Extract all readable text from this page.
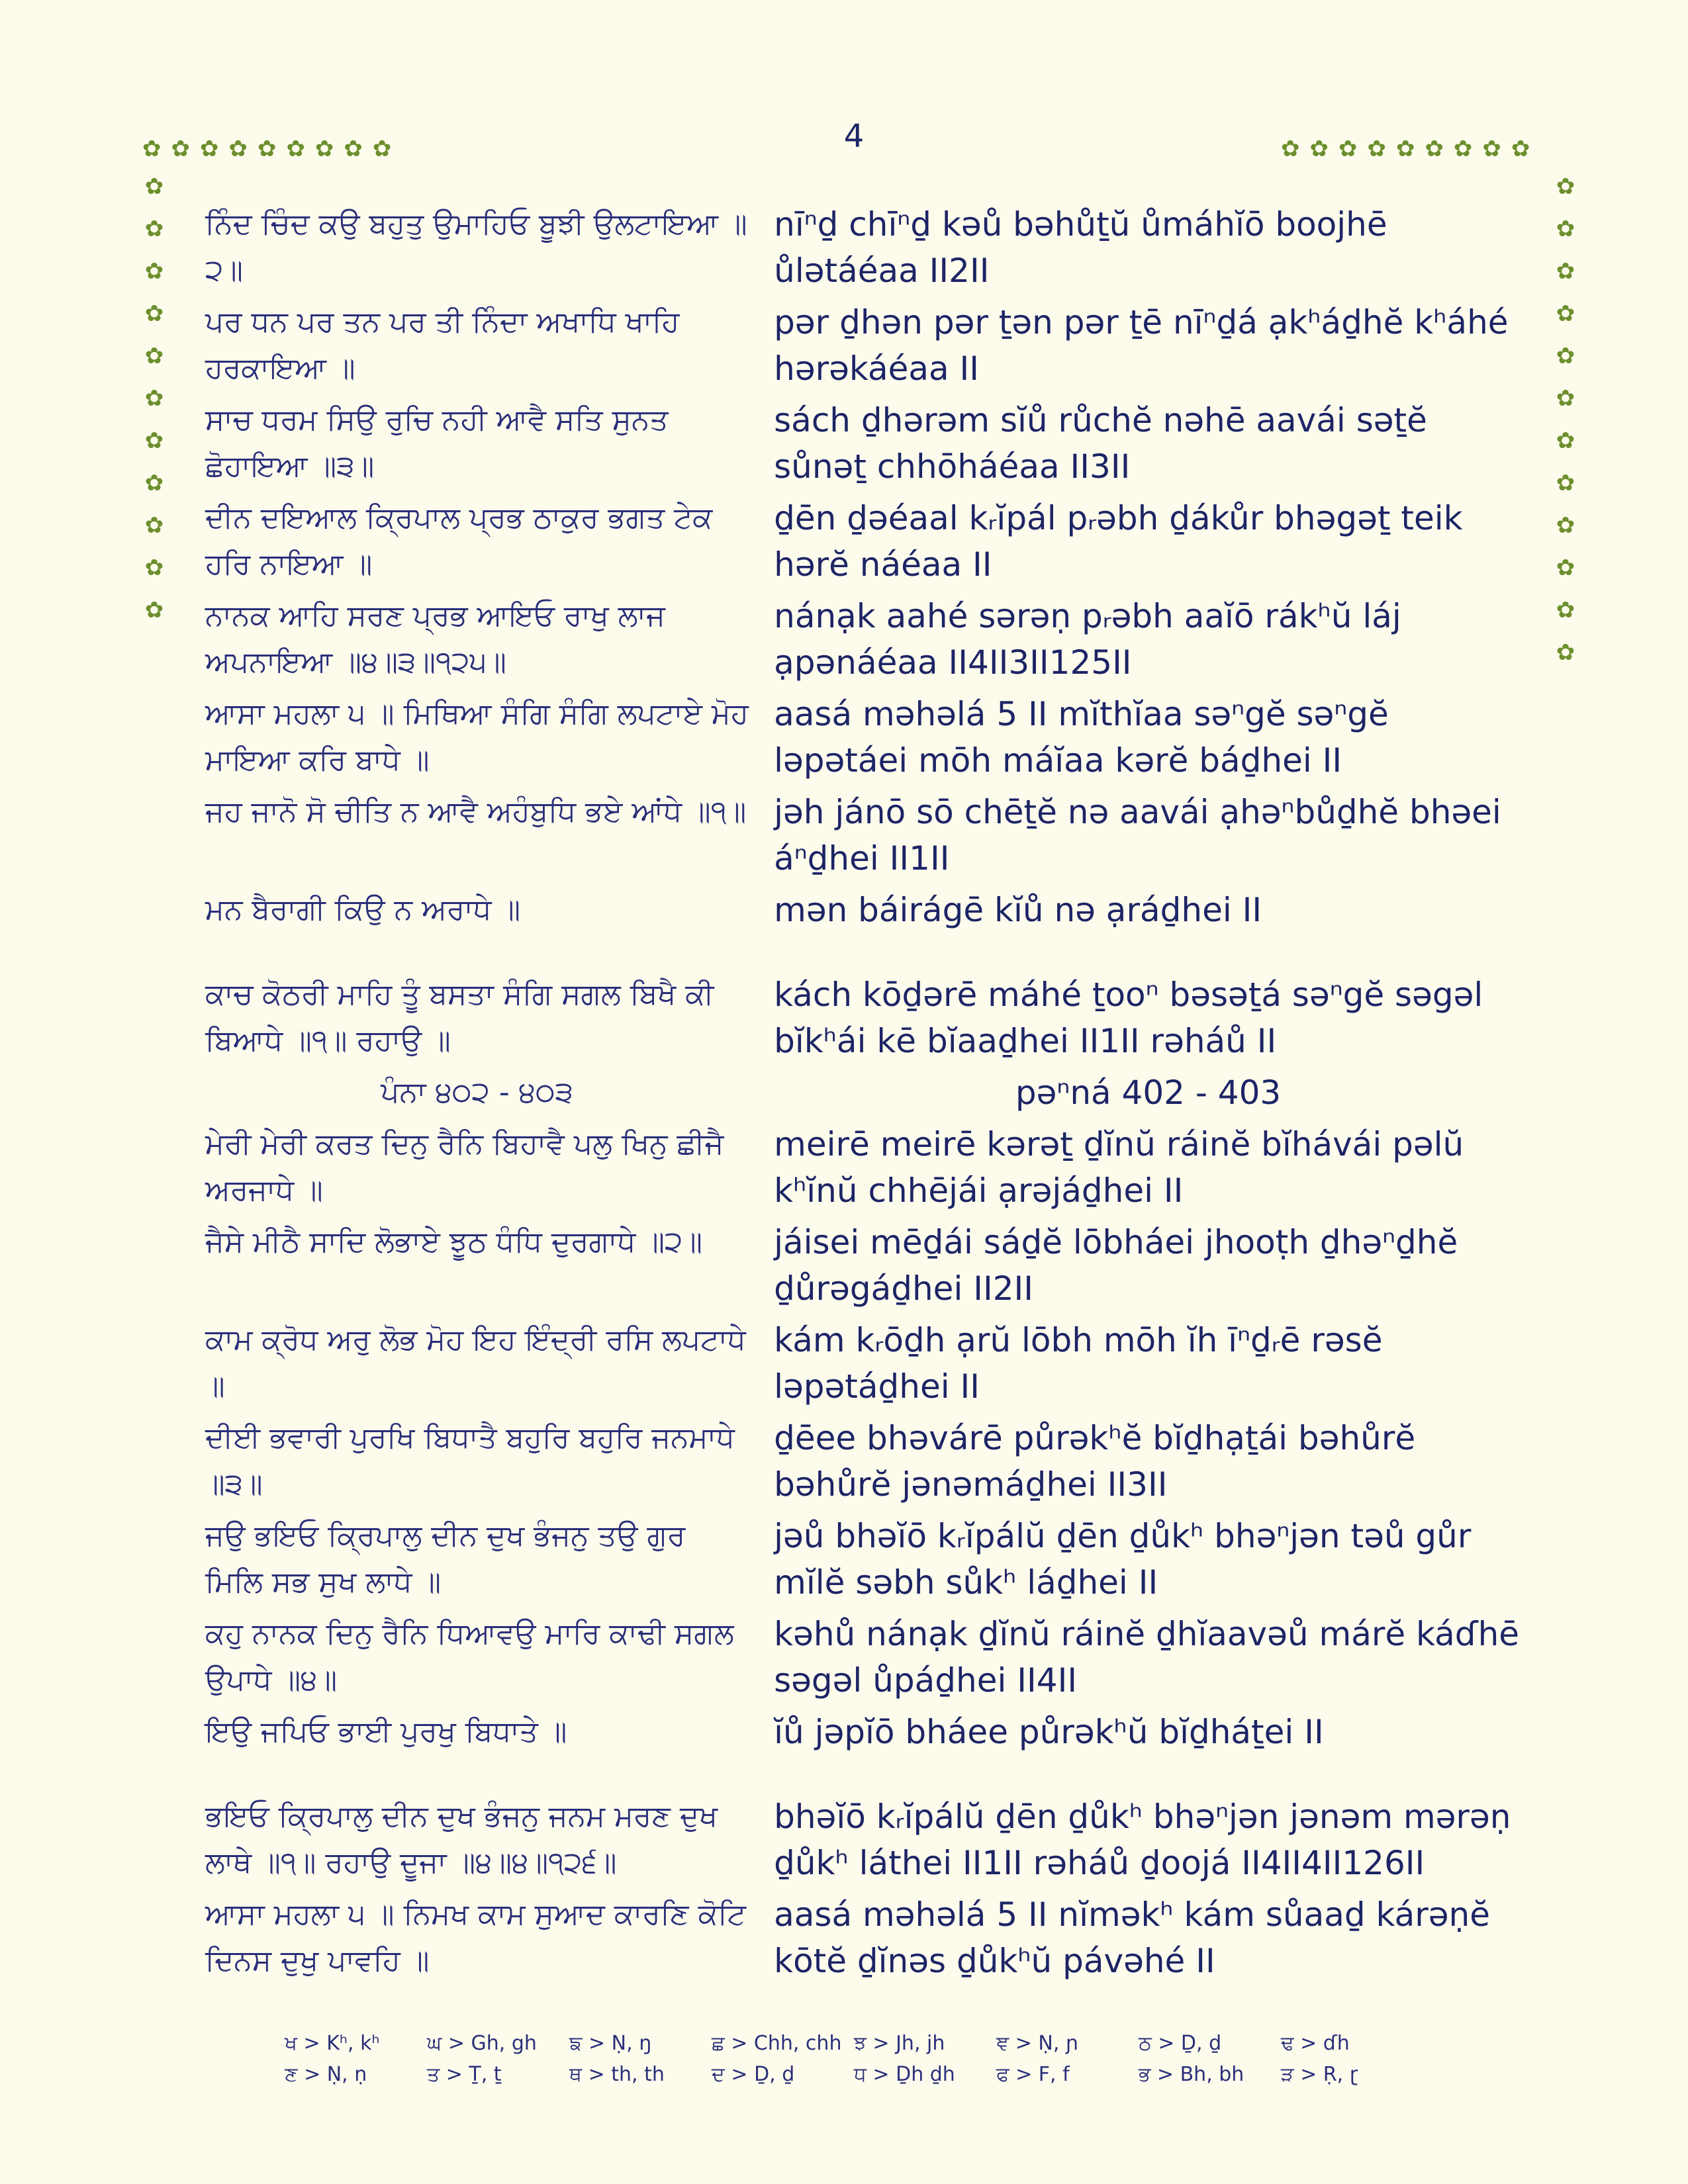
4
✿✿✿✿✿✿✿✿✿	✿✿✿✿✿✿✿✿✿
✿
✿
✿
✿
✿
✿
✿
✿
✿
✿
✿
✿
✿
✿
✿
✿
✿
✿
✿
✿
✿
✿
✿
ਨਿੰਦ ਚਿੰਦ ਕਉ ਬਹੁਤੁ ਉਮਾਹਿਓ ਬੂਝੀ ਉਲਟਾਇਆ ॥੨॥
nīⁿḏ chīⁿḏ kəů bəhůṯŭ ůmáhĭō boojhē ůlətáéaa II2II
ਪਰ ਧਨ ਪਰ ਤਨ ਪਰ ਤੀ ਨਿੰਦਾ ਅਖਾਧਿ ਖਾਹਿ ਹਰਕਾਇਆ ॥
pər ḏhən pər ṯən pər ṯē nīⁿḏá ạkʰáḏhĕ kʰáhé hərəkáéaa II
ਸਾਚ ਧਰਮ ਸਿਉ ਰੁਚਿ ਨਹੀ ਆਵੈ ਸਤਿ ਸੁਨਤ ਛੋਹਾਇਆ ॥੩॥
sách ḏhərəm sĭů růchĕ nəhē aavái səṯĕ sůnəṯ chhōháéaa II3II
ਦੀਨ ਦਇਆਲ ਕ੍ਰਿਪਾਲ ਪ੍ਰਭ ਠਾਕੁਰ ਭਗਤ ਟੇਕ ਹਰਿ ਨਾਇਆ ॥
ḏēn ḏəéaal kᵣĭpál pᵣəbh ḏákůr bhəgəṯ teik hərĕ náéaa II
ਨਾਨਕ ਆਹਿ ਸਰਣ ਪ੍ਰਭ ਆਇਓ ਰਾਖੁ ਲਾਜ ਅਪਨਾਇਆ ॥੪॥੩॥੧੨੫॥
nánạk aahé sərəṇ pᵣəbh aaĭō rákʰŭ láj ạpənáéaa II4II3II125II
ਆਸਾ ਮਹਲਾ ੫ ॥ ਮਿਥਿਆ ਸੰਗਿ ਸੰਗਿ ਲਪਟਾਏ ਮੋਹ ਮਾਇਆ ਕਰਿ ਬਾਧੇ ॥
aasá məhəlá 5 II mĭthĭaa səⁿgĕ səⁿgĕ ləpətáei mōh máĭaa kərĕ báḏhei II
ਜਹ ਜਾਨੋ ਸੋ ਚੀਤਿ ਨ ਆਵੈ ਅਹੰਬੁਧਿ ਭਏ ਆਂਧੇ ॥੧॥ jəh jánō sō chēṯĕ nə aavái ạhəⁿbůḏhĕ bhəei áⁿḏhei II1II
ਮਨ ਬੈਰਾਗੀ ਕਿਉ ਨ ਅਰਾਧੇ ॥	mən báirágē kĭů nə ạráḏhei II
ਕਾਚ ਕੋਠਰੀ ਮਾਹਿ ਤੂੰ ਬਸਤਾ ਸੰਗਿ ਸਗਲ ਬਿਖੈ ਕੀ ਬਿਆਧੇ ॥੧॥ ਰਹਾਉ ॥
kách kōḏərē máhé ṯooⁿ bəsəṯá səⁿgĕ səgəl bĭkʰái kē bĭaaḏhei II1II rəháů II
ਪੰਨਾ ੪੦੨ - ੪੦੩	pəⁿná 402 - 403
ਮੇਰੀ ਮੇਰੀ ਕਰਤ ਦਿਨੁ ਰੈਨਿ ਬਿਹਾਵੈ ਪਲੁ ਖਿਨੁ ਛੀਜੈ ਅਰਜਾਧੇ ॥
meirē meirē kərəṯ ḏĭnŭ ráinĕ bĭhávái pəlŭ kʰĭnŭ chhējái ạrəjáḏhei II
ਜੈਸੇ ਮੀਠੈ ਸਾਦਿ ਲੋਭਾਏ ਝੂਠ ਧੰਧਿ ਦੁਰਗਾਧੇ ॥੨॥	jáisei mēḏái sáḏĕ lōbháei jhooṭh ḏhəⁿḏhĕ ḏůrəgáḏhei II2II
ਕਾਮ ਕ੍ਰੋਧ ਅਰੁ ਲੋਭ ਮੋਹ ਇਹ ਇੰਦ੍ਰੀ ਰਸਿ ਲਪਟਾਧੇ ॥
kám kᵣōḏh ạrŭ lōbh mōh ĭh īⁿḏᵣē rəsĕ ləpətáḏhei II
ਦੀਈ ਭਵਾਰੀ ਪੁਰਖਿ ਬਿਧਾਤੈ ਬਹੁਰਿ ਬਹੁਰਿ ਜਨਮਾਧੇ ॥੩॥
ḏēee bhəvárē půrəkʰĕ bĭḏhạṯái bəhůrĕ bəhůrĕ jənəmáḏhei II3II
ਜਉ ਭਇਓ ਕ੍ਰਿਪਾਲੁ ਦੀਨ ਦੁਖ ਭੰਜਨੁ ਤਉ ਗੁਰ ਮਿਲਿ ਸਭ ਸੁਖ ਲਾਧੇ ॥
jəů bhəĭō kᵣĭpálŭ ḏēn ḏůkʰ bhəⁿjən təů gůr mĭlĕ səbh sůkʰ láḏhei II
ਕਹੁ ਨਾਨਕ ਦਿਨੁ ਰੈਨਿ ਧਿਆਵਉ ਮਾਰਿ ਕਾਢੀ ਸਗਲ ਉਪਾਧੇ ॥੪॥
kəhů nánạk ḏĭnŭ ráinĕ ḏhĭaavəů márĕ káɗhē səgəl ůpáḏhei II4II
ਇਉ ਜਪਿਓ ਭਾਈ ਪੁਰਖੁ ਬਿਧਾਤੇ ॥	ĭů jəpĭō bháee půrəkʰŭ bĭḏháṯei II
ਭਇਓ ਕ੍ਰਿਪਾਲੁ ਦੀਨ ਦੁਖ ਭੰਜਨੁ ਜਨਮ ਮਰਣ ਦੁਖ ਲਾਥੇ ॥੧॥ ਰਹਾਉ ਦੂਜਾ ॥੪॥੪॥੧੨੬॥
bhəĭō kᵣĭpálŭ ḏēn ḏůkʰ bhəⁿjən jənəm mərəṇ ḏůkʰ láthei II1II rəháů ḏoojá II4II4II126II
ਆਸਾ ਮਹਲਾ ੫ ॥ ਨਿਮਖ ਕਾਮ ਸੁਆਦ ਕਾਰਣਿ ਕੋਟਿ ਦਿਨਸ ਦੁਖੁ ਪਾਵਹਿ ॥
aasá məhəlá 5 II nĭməkʰ kám sůaaḏ kárəṇĕ kōtĕ ḏĭnəs ḏůkʰŭ pávəhé II
ਖ > Kʰ, kʰ	ਘ > Gh, gh	ਙ > Ṇ, ŋ	ਛ > Chh, chh ਝ > Jh, jh	ਞ > Ṇ, ɲ	ਠ > Ḏ, ḏ	ਢ > ɗh
ਣ > Ṇ, ṇ	ਤ > Ṯ, ṯ	ਥ > th, th	ਦ > Ḏ, ḏ	ਧ > Ḏh ḏh	ਫ > F, f	ਭ > Bh, bh	ੜ > Ṛ, ɽ
